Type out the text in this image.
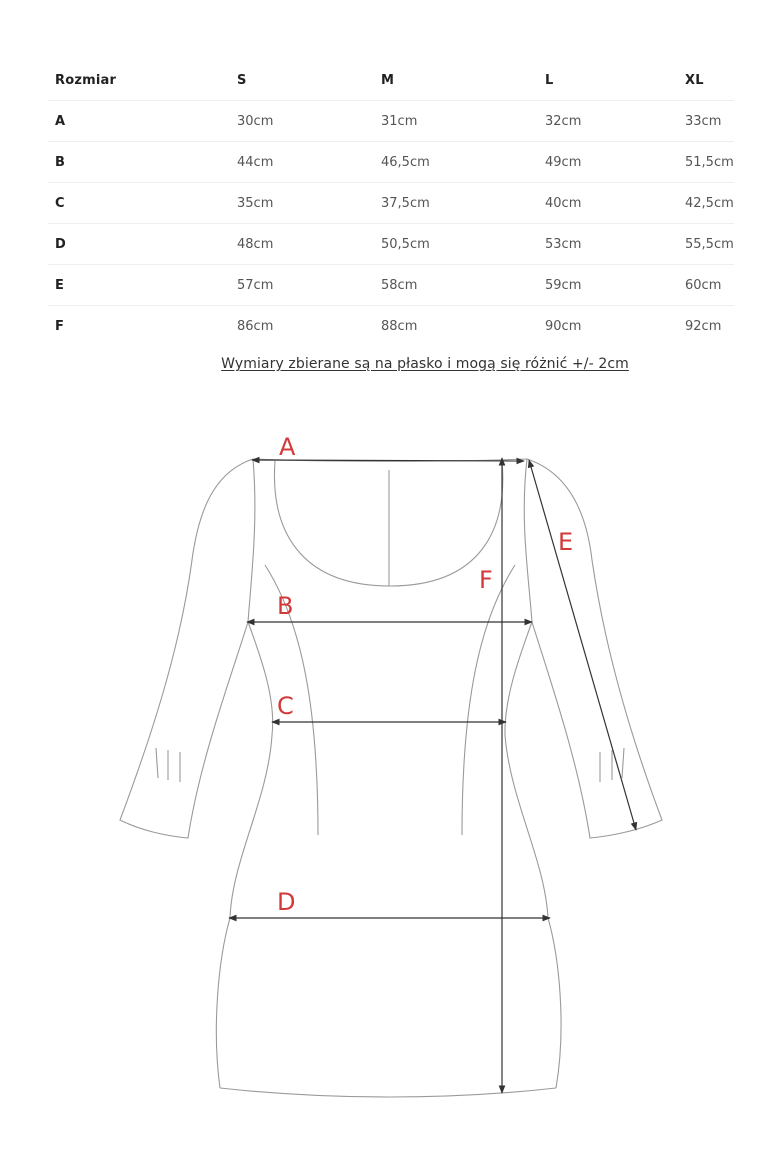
Rozmiar	S	M	L	XL
A	30cm	31cm	32cm	33cm
B	44cm	46,5cm	49cm	51,5cm
C	35cm	37,5cm	40cm	42,5cm
D	48cm	50,5cm	53cm	55,5cm
E	57cm	58cm	59cm	60cm
F	86cm	88cm	90cm	92cm
Wymiary zbierane są na płasko i mogą się różnić +/- 2cm
A
B
C
D
E
F
